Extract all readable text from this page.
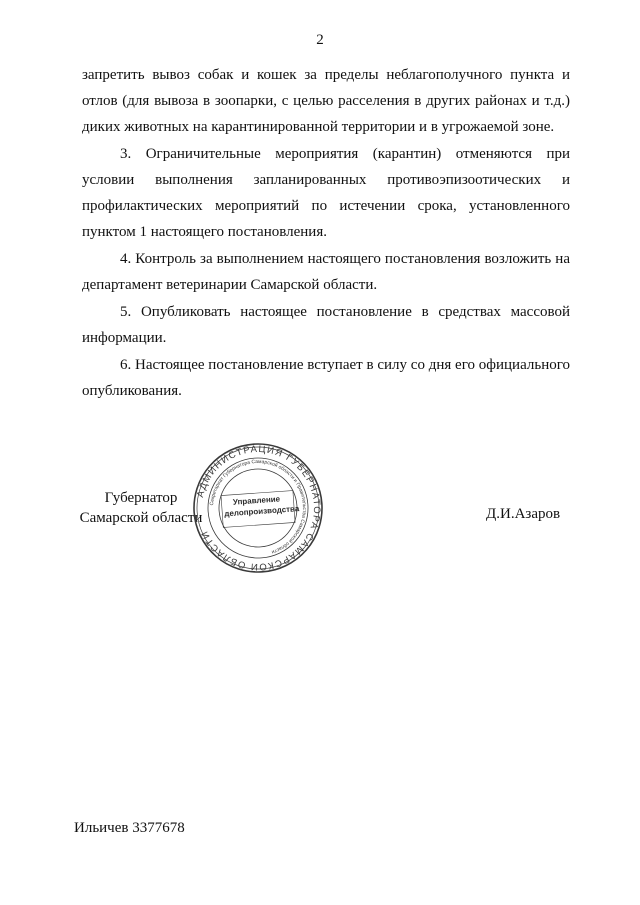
2

запретить вывоз собак и кошек за пределы неблагополучного пункта и отлов (для вывоза в зоопарки, с целью расселения в других районах и т.д.) диких животных на карантинированной территории и в угрожаемой зоне.

3. Ограничительные мероприятия (карантин) отменяются при условии выполнения запланированных противоэпизоотических и профилактических мероприятий по истечении срока, установленного пунктом 1 настоящего постановления.

4. Контроль за выполнением настоящего постановления возложить на департамент ветеринарии Самарской области.

5. Опубликовать настоящее постановление в средствах массовой информации.

6. Настоящее постановление вступает в силу со дня его официального опубликования.

Губернатор
Самарской области
АДМИНИСТРАЦИЯ ГУБЕРНАТОРА САМАРСКОЙ ОБЛАСТИ
Секретариат Губернатора Самарской области и Правительства Самарской области
Управление
делопроизводства	Д.И.Азаров
Ильичев 3377678
